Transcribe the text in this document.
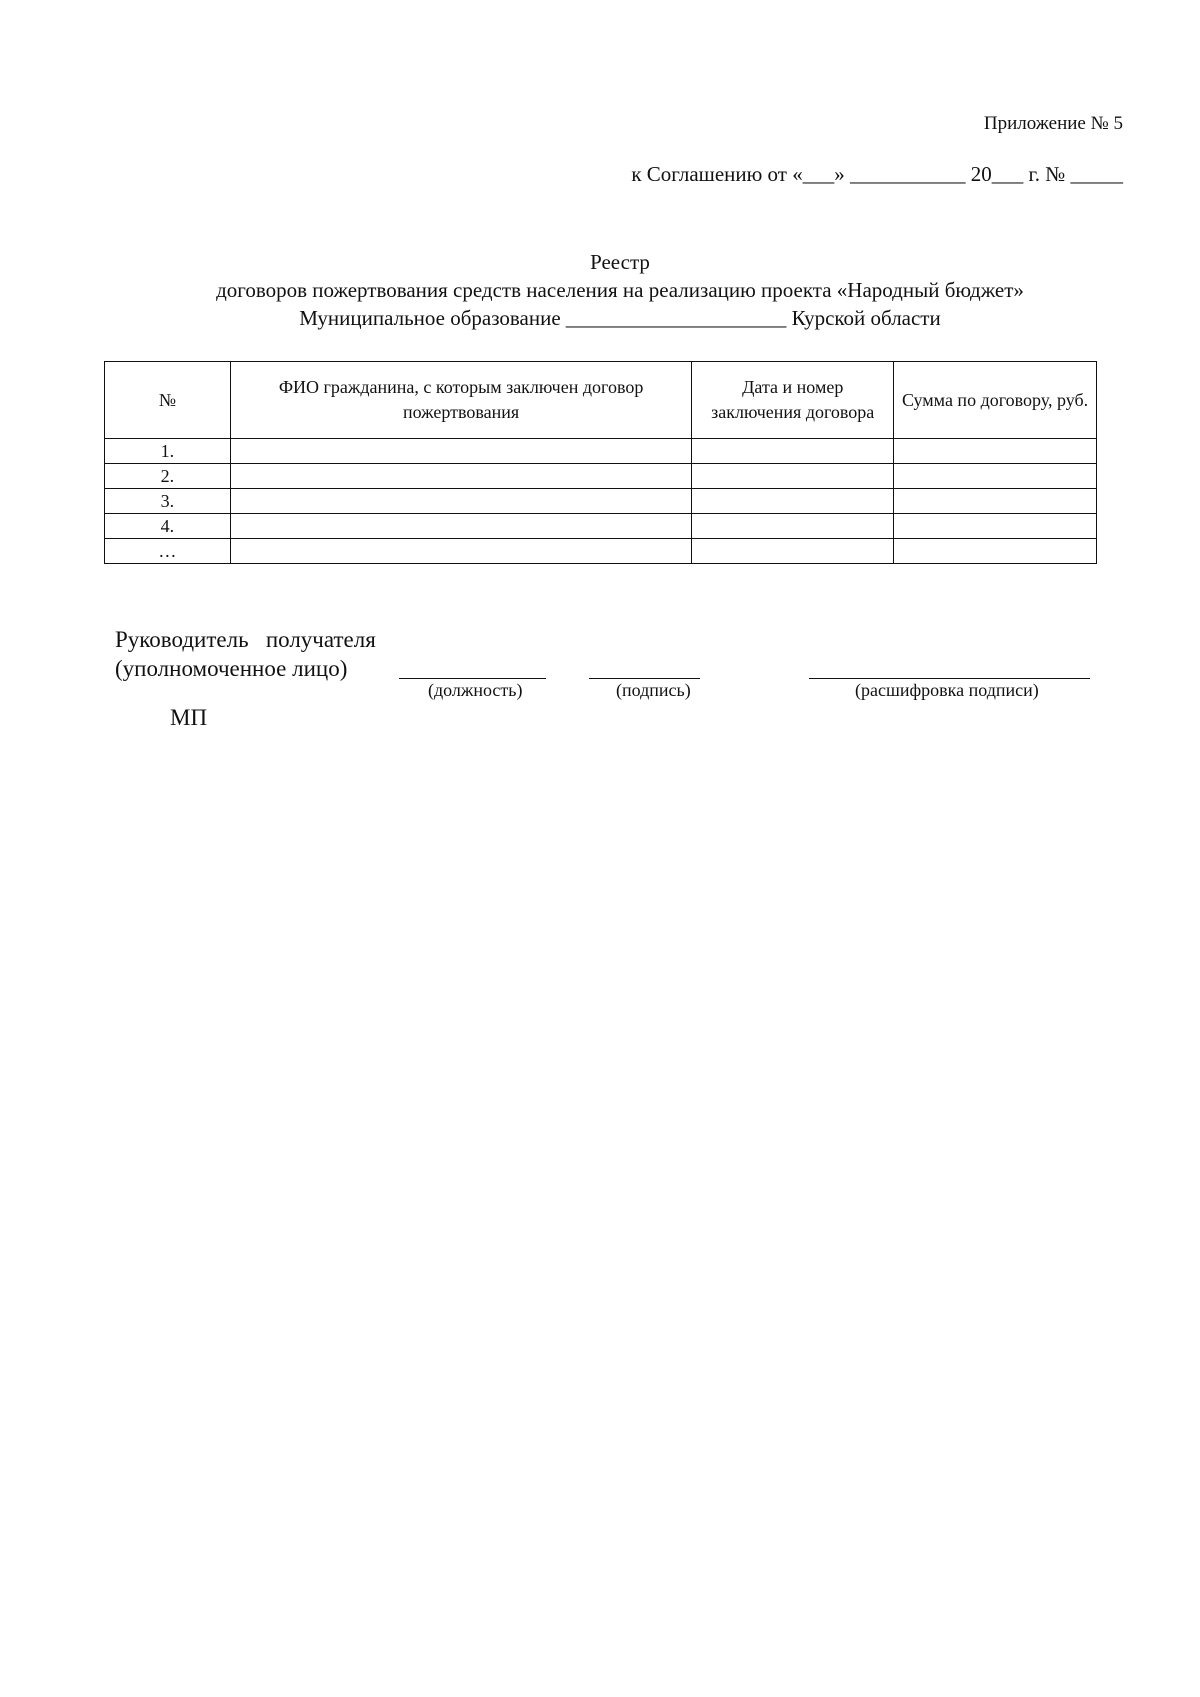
Приложение № 5
к Соглашению от «___» ___________ 20___ г. № _____
Реестр
договоров пожертвования средств населения на реализацию проекта «Народный бюджет»
Муниципальное образование _____________________ Курской области
№	ФИО гражданина, с которым заключен договор пожертвования	Дата и номер заключения договора	Сумма по договору, руб.
1.			
2.			
3.			
4.			
…			
Руководитель   получателя
(уполномоченное лицо)
(должность)	(подпись)	(расшифровка подписи)
МП
